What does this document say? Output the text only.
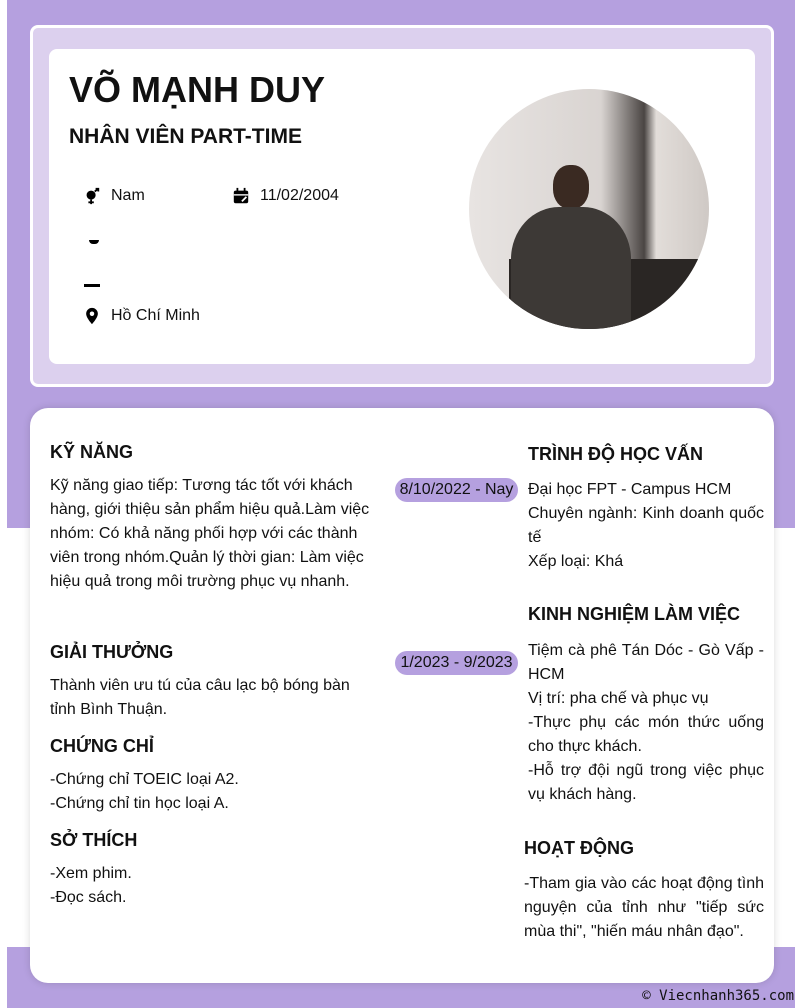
VÕ MẠNH DUY
NHÂN VIÊN PART-TIME
Nam	11/02/2004
Hồ Chí Minh
KỸ NĂNG
Kỹ năng giao tiếp: Tương tác tốt với khách hàng, giới thiệu sản phẩm hiệu quả.Làm việc nhóm: Có khả năng phối hợp với các thành viên trong nhóm.Quản lý thời gian: Làm việc hiệu quả trong môi trường phục vụ nhanh.
GIẢI THƯỞNG
Thành viên ưu tú của câu lạc bộ bóng bàn tỉnh Bình Thuận.
CHỨNG CHỈ
-Chứng chỉ TOEIC loại A2.
-Chứng chỉ tin học loại A.
SỞ THÍCH
-Xem phim.
-Đọc sách.
TRÌNH ĐỘ HỌC VẤN
8/10/2022 - Nay Đại học FPT - Campus HCM
Chuyên ngành: Kinh doanh quốc tế
Xếp loại: Khá
KINH NGHIỆM LÀM VIỆC
1/2023 - 9/2023
Tiệm cà phê Tán Dóc - Gò Vấp - HCM
Vị trí: pha chế và phục vụ
-Thực phụ các món thức uống cho thực khách.
-Hỗ trợ đội ngũ trong việc phục vụ khách hàng.
HOẠT ĐỘNG
-Tham gia vào các hoạt động tình nguyện của tỉnh như "tiếp sức mùa thi", "hiến máu nhân đạo".
© Viecnhanh365.com
